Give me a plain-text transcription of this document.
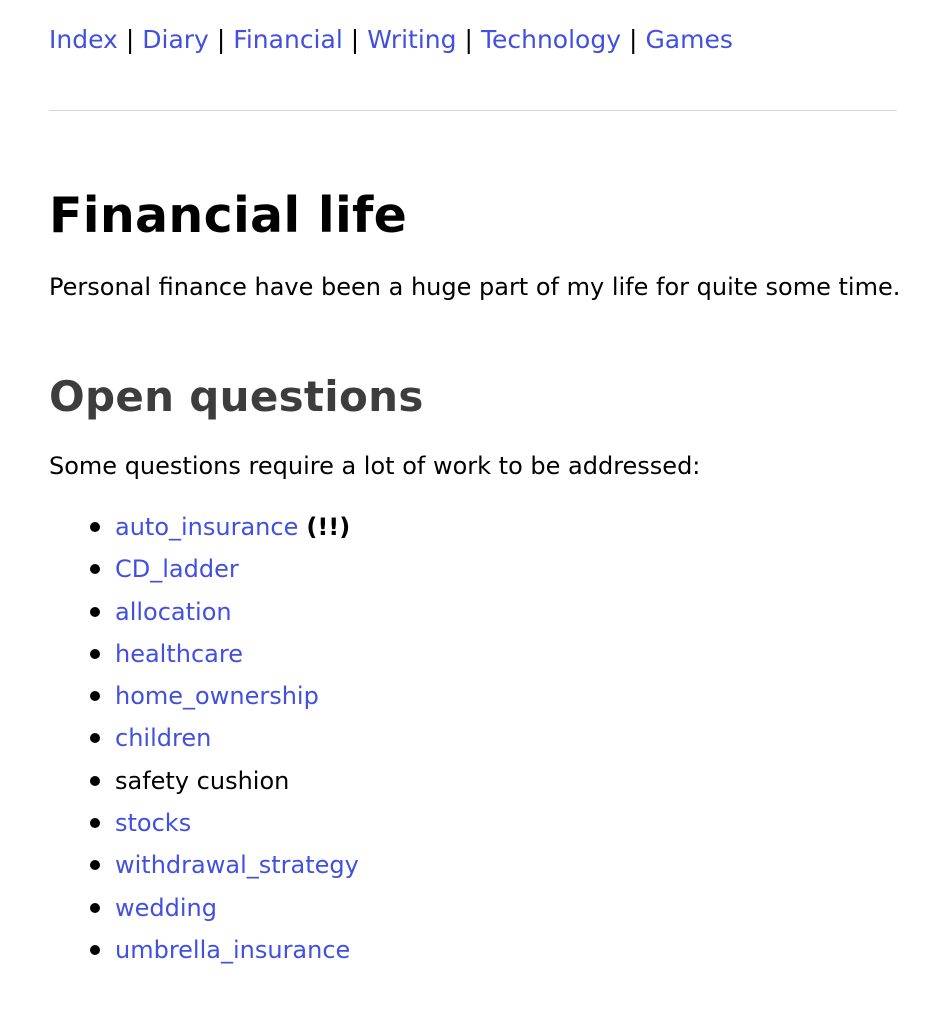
Index | Diary | Financial | Writing | Technology | Games
Financial life

Personal finance have been a huge part of my life for quite some time.

Open questions

Some questions require a lot of work to be addressed:

auto_insurance (!!)
CD_ladder
allocation
healthcare
home_ownership
children
safety cushion
stocks
withdrawal_strategy
wedding
umbrella_insurance
